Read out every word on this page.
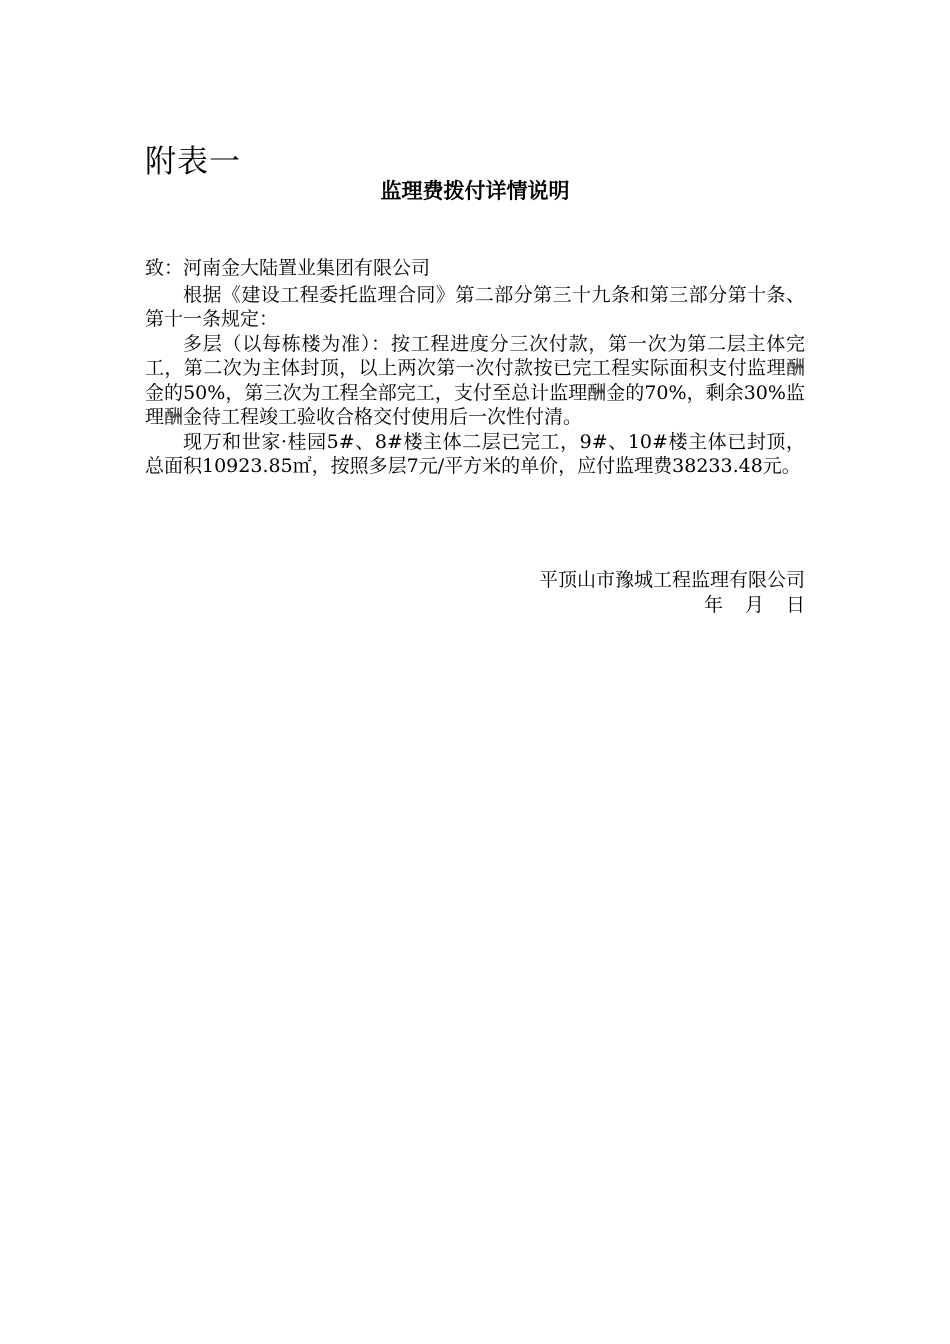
附表一
监理费拨付详情说明

致：河南金大陆置业集团有限公司

根据《建设工程委托监理合同》第二部分第三十九条和第三部分第十条、第十一条规定：

多层（以每栋楼为准）：按工程进度分三次付款，第一次为第二层主体完工，第二次为主体封顶，以上两次第一次付款按已完工程实际面积支付监理酬金的50%，第三次为工程全部完工，支付至总计监理酬金的70%，剩余30%监理酬金待工程竣工验收合格交付使用后一次性付清。

现万和世家·桂园5#、8#楼主体二层已完工，9#、10#楼主体已封顶，总面积10923.85㎡，按照多层7元/平方米的单价，应付监理费38233.48元。

平顶山市豫城工程监理有限公司
年 月 日
